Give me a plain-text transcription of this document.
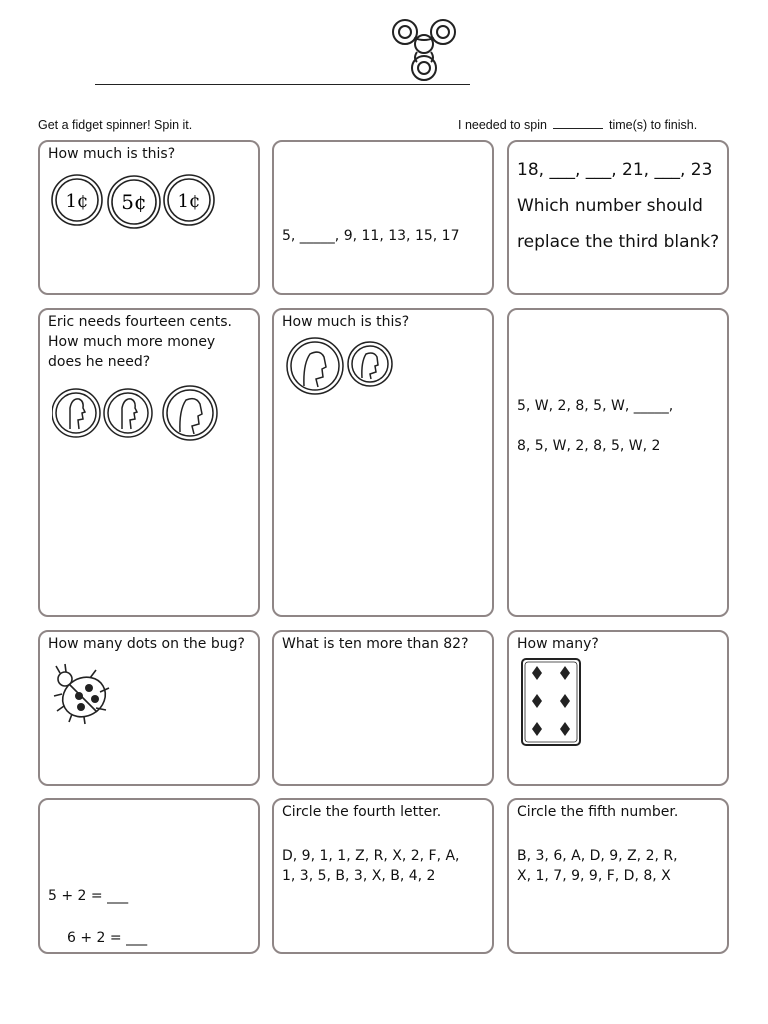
Get a fidget spinner! Spin it.	I needed to spin	time(s) to finish.
How much is this?
1¢ 5¢ 1¢
5, _____, 9, 11, 13, 15, 17
18, ___, ___, 21, ___, 23
Which number should
replace the third blank?
Eric needs fourteen cents.
How much more money
does he need?
How much is this?
5, W, 2, 8, 5, W, _____,
8, 5, W, 2, 8, 5, W, 2
How many dots on the bug?	What is ten more than 82?	How many?
5 + 2 = ___
6 + 2 = ___
Circle the fourth letter.
D, 9, 1, 1, Z, R, X, 2, F, A,
1, 3, 5, B, 3, X, B, 4, 2
Circle the fifth number.
B, 3, 6, A, D, 9, Z, 2, R,
X, 1, 7, 9, 9, F, D, 8, X
